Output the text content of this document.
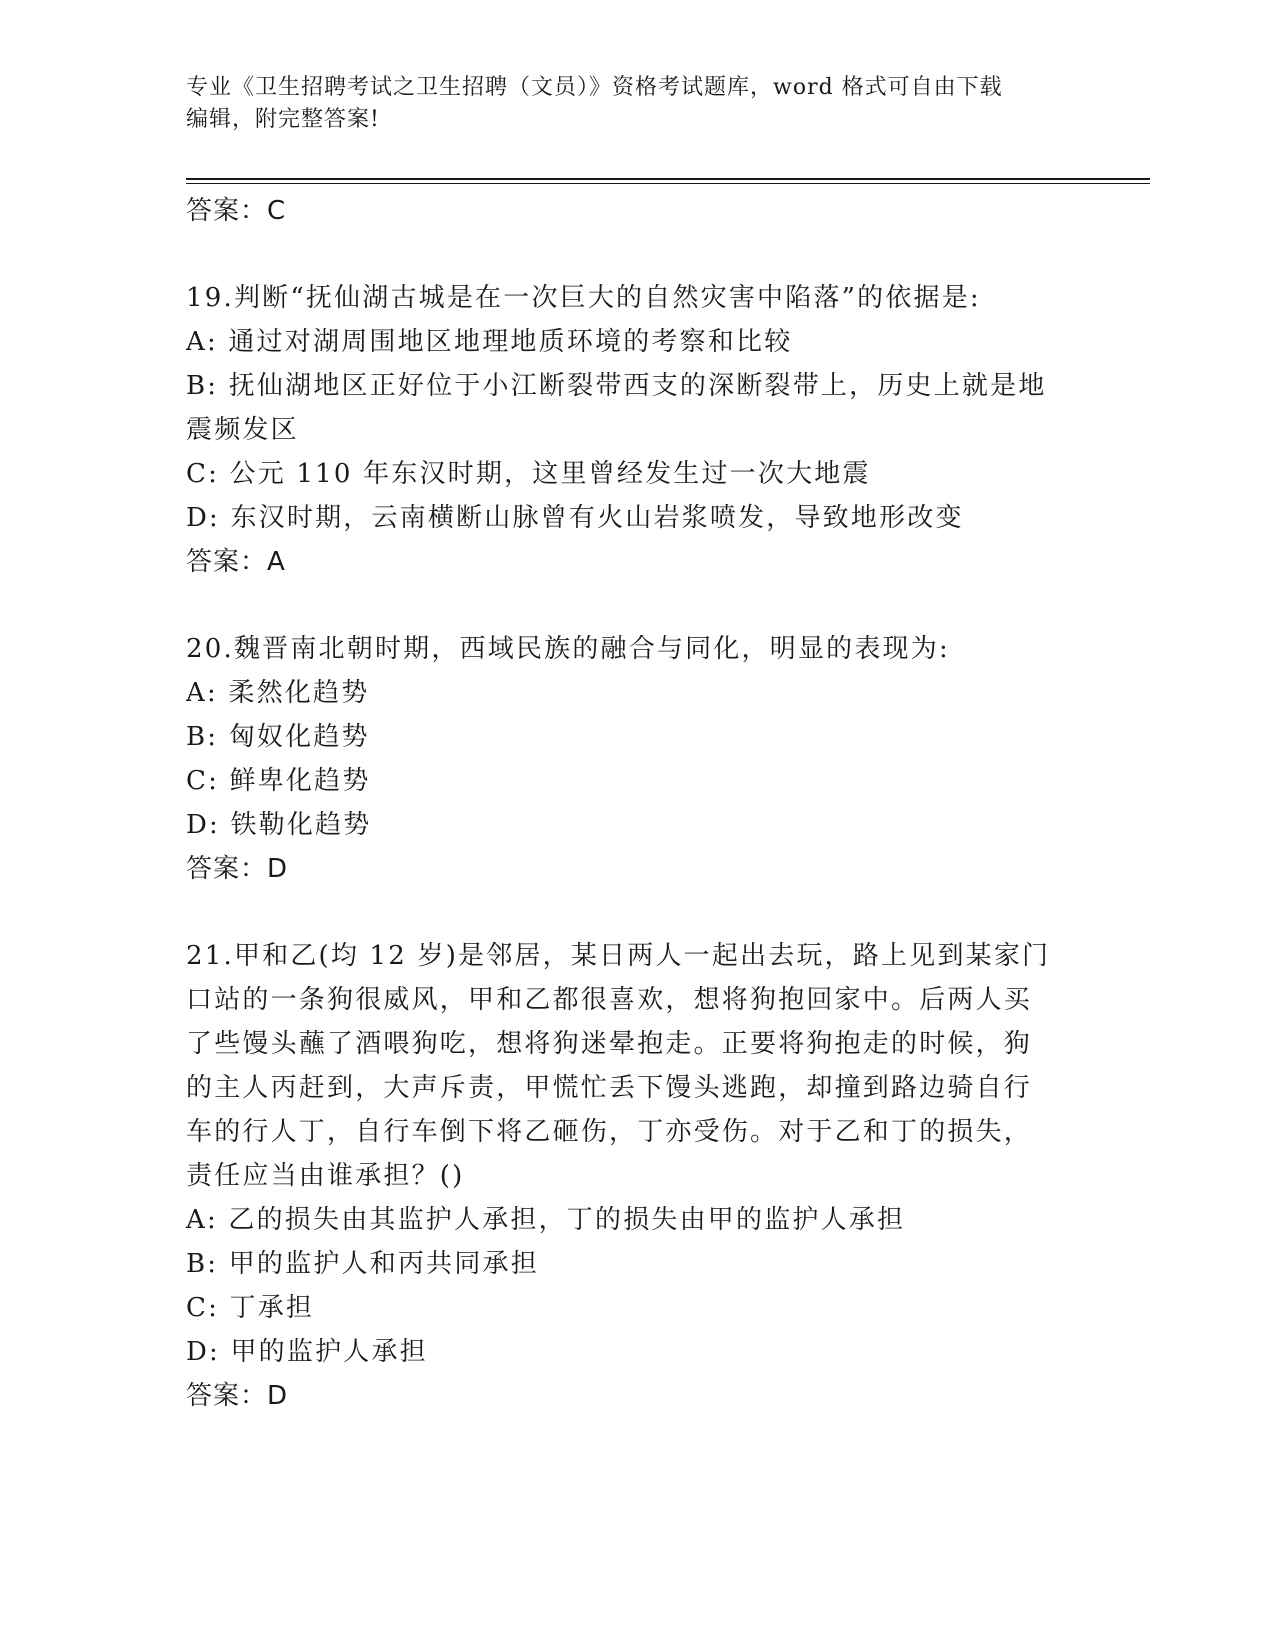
专业《卫生招聘考试之卫生招聘（文员）》资格考试题库，word 格式可自由下载
编辑，附完整答案!
答案：C
19.判断“抚仙湖古城是在一次巨大的自然灾害中陷落”的依据是:
A: 通过对湖周围地区地理地质环境的考察和比较
B: 抚仙湖地区正好位于小江断裂带西支的深断裂带上，历史上就是地
震频发区
C: 公元 110 年东汉时期，这里曾经发生过一次大地震
D: 东汉时期，云南横断山脉曾有火山岩浆喷发，导致地形改变
答案：A
20.魏晋南北朝时期，西域民族的融合与同化，明显的表现为:
A: 柔然化趋势
B: 匈奴化趋势
C: 鲜卑化趋势
D: 铁勒化趋势
答案：D
21.甲和乙(均 12 岁)是邻居，某日两人一起出去玩，路上见到某家门
口站的一条狗很威风，甲和乙都很喜欢，想将狗抱回家中。后两人买
了些馒头蘸了酒喂狗吃，想将狗迷晕抱走。正要将狗抱走的时候，狗
的主人丙赶到，大声斥责，甲慌忙丢下馒头逃跑，却撞到路边骑自行
车的行人丁，自行车倒下将乙砸伤，丁亦受伤。对于乙和丁的损失，
责任应当由谁承担？()
A: 乙的损失由其监护人承担，丁的损失由甲的监护人承担
B: 甲的监护人和丙共同承担
C: 丁承担
D: 甲的监护人承担
答案：D
